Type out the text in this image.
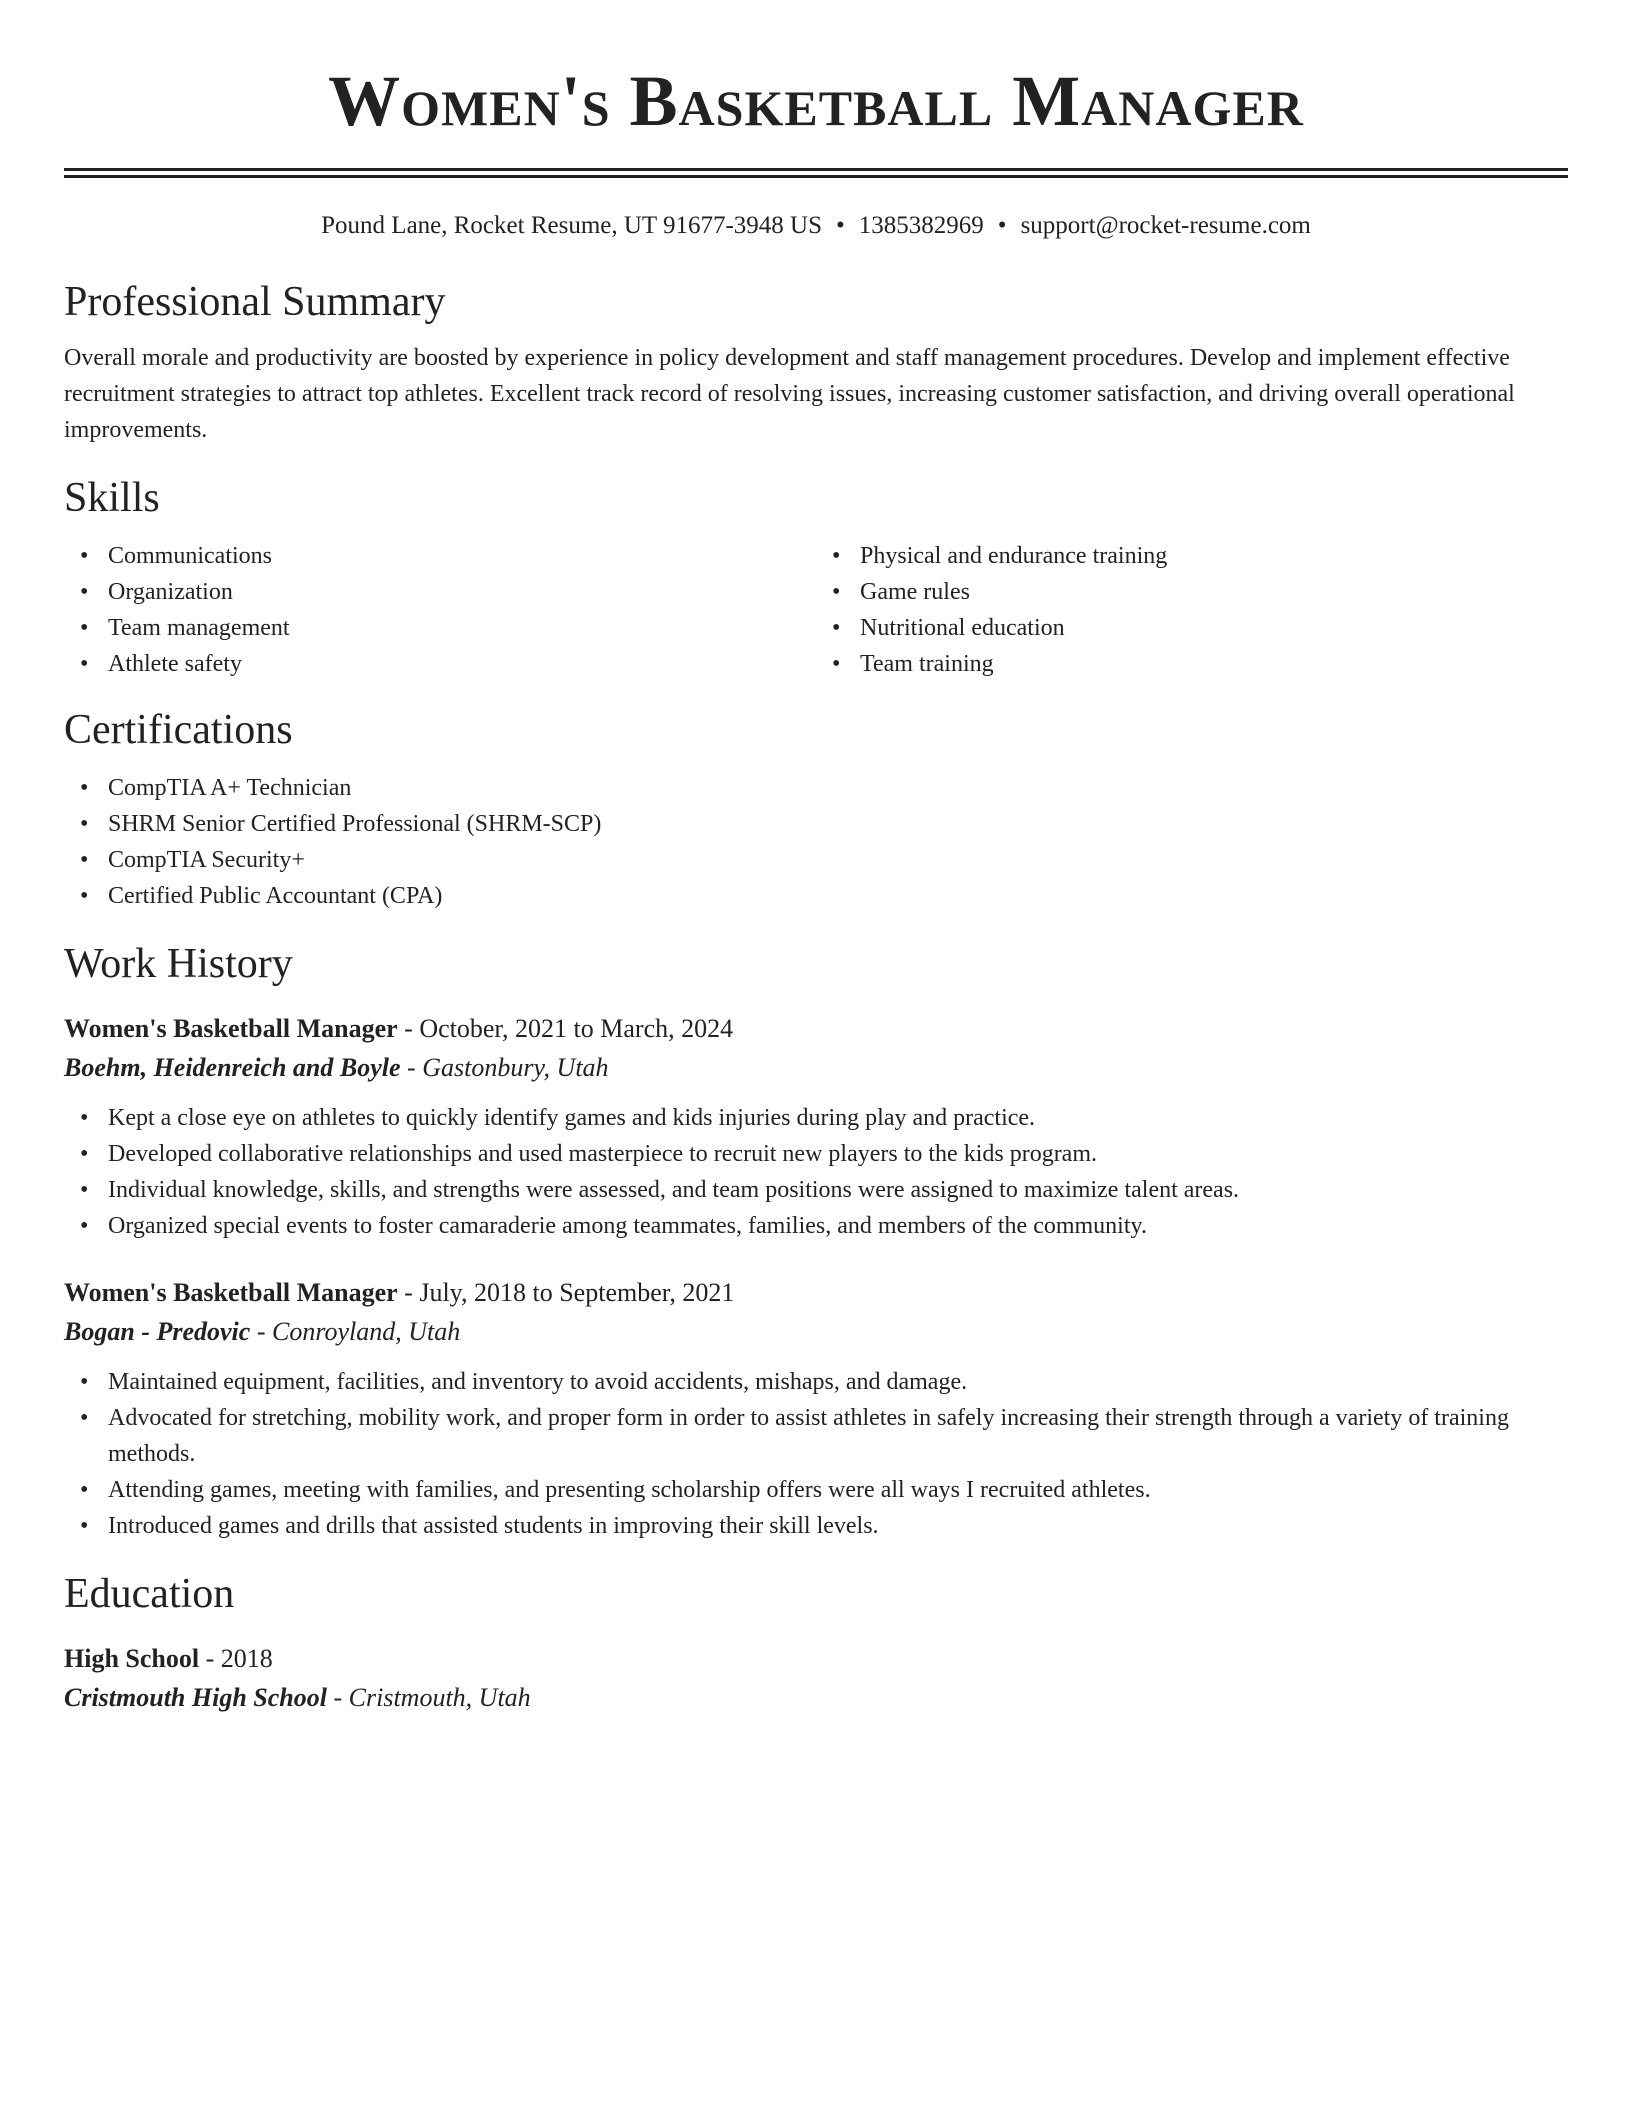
Women's Basketball Manager
Pound Lane, Rocket Resume, UT 91677-3948 US • 1385382969 • support@rocket-resume.com
Professional Summary

Overall morale and productivity are boosted by experience in policy development and staff management procedures. Develop and implement effective recruitment strategies to attract top athletes. Excellent track record of resolving issues, increasing customer satisfaction, and driving overall operational improvements.

Skills
• Communications
• Organization
• Team management
• Athlete safety
• Physical and endurance training
• Game rules
• Nutritional education
• Team training
Certifications
• CompTIA A+ Technician
• SHRM Senior Certified Professional (SHRM-SCP)
• CompTIA Security+
• Certified Public Accountant (CPA)
Work History
Women's Basketball Manager - October, 2021 to March, 2024
Boehm, Heidenreich and Boyle - Gastonbury, Utah
• Kept a close eye on athletes to quickly identify games and kids injuries during play and practice.
• Developed collaborative relationships and used masterpiece to recruit new players to the kids program.
• Individual knowledge, skills, and strengths were assessed, and team positions were assigned to maximize talent areas.
• Organized special events to foster camaraderie among teammates, families, and members of the community.
Women's Basketball Manager - July, 2018 to September, 2021
Bogan - Predovic - Conroyland, Utah
• Maintained equipment, facilities, and inventory to avoid accidents, mishaps, and damage.
• Advocated for stretching, mobility work, and proper form in order to assist athletes in safely increasing their strength through a variety of training methods.
• Attending games, meeting with families, and presenting scholarship offers were all ways I recruited athletes.
• Introduced games and drills that assisted students in improving their skill levels.
Education
High School - 2018
Cristmouth High School - Cristmouth, Utah
